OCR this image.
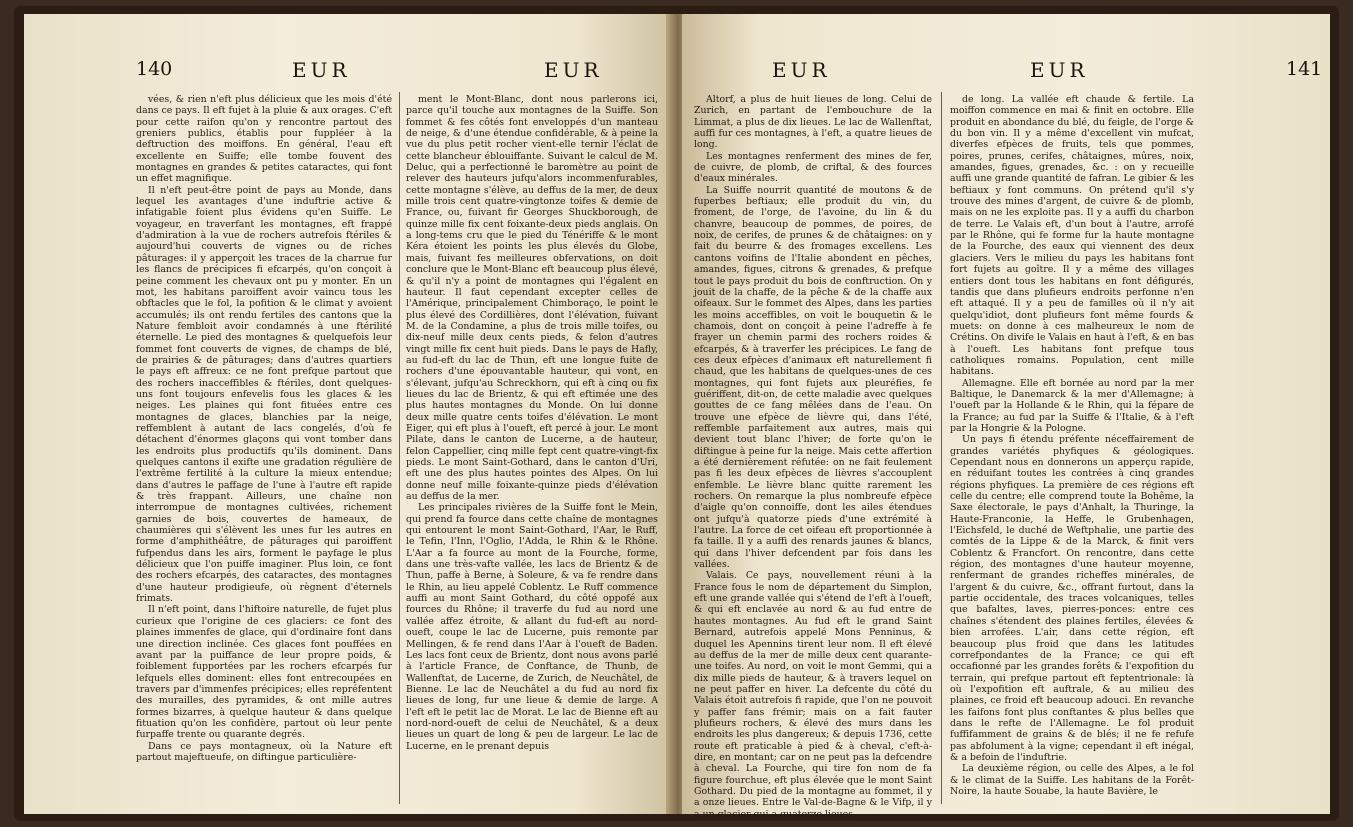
140	EUR	EUR

vées, & rien n'eft plus délicieux que les mois d'été dans ce pays. Il eft fujet à la pluie & aux orages. C'eft pour cette raifon qu'on y rencontre partout des greniers publics, établis pour fuppléer à la deftruction des moiffons. En général, l'eau eft excellente en Suiffe; elle tombe fouvent des montagnes en grandes & petites cataractes, qui font un effet magnifique.

Il n'eft peut-être point de pays au Monde, dans lequel les avantages d'une induftrie active & infatigable foient plus évidens qu'en Suiffe. Le voyageur, en traverfant les montagnes, eft frappé d'admiration à la vue de rochers autrefois ftériles & aujourd'hui couverts de vignes ou de riches pâturages: il y apperçoit les traces de la charrue fur les flancs de précipices fi efcarpés, qu'on conçoit à peine comment les chevaux ont pu y monter. En un mot, les habitans paroiffent avoir vaincu tous les obftacles que le fol, la pofition & le climat y avoient accumulés; ils ont rendu fertiles des cantons que la Nature fembloit avoir condamnés à une ftérilité éternelle. Le pied des montagnes & quelquefois leur fommet font couverts de vignes, de champs de blé, de prairies & de pâturages; dans d'autres quartiers le pays eft affreux: ce ne font prefque partout que des rochers inacceffibles & ftériles, dont quelques-uns font toujours enfevelis fous les glaces & les neiges. Les plaines qui font fituées entre ces montagnes de glaces, blanchies par la neige, reffemblent à autant de lacs congelés, d'où fe détachent d'énormes glaçons qui vont tomber dans les endroits plus productifs qu'ils dominent. Dans quelques cantons il exifte une gradation régulière de l'extrême fertilité à la culture la mieux entendue; dans d'autres le paffage de l'une à l'autre eft rapide & très frappant. Ailleurs, une chaîne non interrompue de montagnes cultivées, richement garnies de bois, couvertes de hameaux, de chaumières qui s'élèvent les unes fur les autres en forme d'amphithéâtre, de pâturages qui paroiffent fufpendus dans les airs, forment le payfage le plus délicieux que l'on puiffe imaginer. Plus loin, ce font des rochers efcarpés, des cataractes, des montagnes d'une hauteur prodigieufe, où règnent d'éternels frimats.

Il n'eft point, dans l'hiftoire naturelle, de fujet plus curieux que l'origine de ces glaciers: ce font des plaines immenfes de glace, qui d'ordinaire font dans une direction inclinée. Ces glaces font pouffées en avant par la puiffance de leur propre poids, & foiblement fupportées par les rochers efcarpés fur lefquels elles dominent: elles font entrecoupées en travers par d'immenfes précipices; elles repréfentent des murailles, des pyramides, & ont mille autres formes bizarres, à quelque hauteur & dans quelque fituation qu'on les confidère, partout où leur pente furpaffe trente ou quarante degrés.

Dans ce pays montagneux, où la Nature eft partout majeftueufe, on diftingue particulière-

ment le Mont-Blanc, dont nous parlerons ici, parce qu'il touche aux montagnes de la Suiffe. Son fommet & fes côtés font enveloppés d'un manteau de neige, & d'une étendue confidérable, & à peine la vue du plus petit rocher vient-elle ternir l'éclat de cette blancheur éblouiffante. Suivant le calcul de M. Deluc, qui a perfectionné le baromètre au point de relever des hauteurs jufqu'alors incommenfurables, cette montagne s'élève, au deffus de la mer, de deux mille trois cent quatre-vingtonze toifes & demie de France, ou, fuivant fir Georges Shuckborough, de quinze mille fix cent foixante-deux pieds anglais. On a long-tems cru que le pied du Ténériffe & le mont Kéra étoient les points les plus élevés du Globe, mais, fuivant fes meilleures obfervations, on doit conclure que le Mont-Blanc eft beaucoup plus élevé, & qu'il n'y a point de montagnes qui l'égalent en hauteur. Il faut cependant excepter celles de l'Amérique, principalement Chimboraço, le point le plus élevé des Cordillières, dont l'élévation, fuivant M. de la Condamine, a plus de trois mille toifes, ou dix-neuf mille deux cents pieds, & felon d'autres vingt mille fix cent huit pieds. Dans le pays de Hafly, au fud-eft du lac de Thun, eft une longue fuite de rochers d'une épouvantable hauteur, qui vont, en s'élevant, jufqu'au Schreckhorn, qui eft à cinq ou fix lieues du lac de Brientz, & qui eft eftimée une des plus hautes montagnes du Monde. On lui donne deux mille quatre cents toifes d'élévation. Le mont Eiger, qui eft plus à l'oueft, eft percé à jour. Le mont Pilate, dans le canton de Lucerne, a de hauteur, felon Cappellier, cinq mille fept cent quatre-vingt-fix pieds. Le mont Saint-Gothard, dans le canton d'Uri, eft une des plus hautes pointes des Alpes. On lui donne neuf mille foixante-quinze pieds d'élévation au deffus de la mer.

Les principales rivières de la Suiffe font le Mein, qui prend fa fource dans cette chaîne de montagnes qui entourent le mont Saint-Gothard, l'Aar, le Ruff, le Tefin, l'Inn, l'Oglio, l'Adda, le Rhin & le Rhône. L'Aar a fa fource au mont de la Fourche, forme, dans une très-vafte vallée, les lacs de Brientz & de Thun, paffe à Berne, à Soleure, & va fe rendre dans le Rhin, au lieu appelé Coblentz. Le Ruff commence auffi au mont Saint Gothard, du côté oppofé aux fources du Rhône; il traverfe du fud au nord une vallée affez étroite, & allant du fud-eft au nord-oueft, coupe le lac de Lucerne, puis remonte par Mellingen, & fe rend dans l'Aar à l'oueft de Baden. Les lacs font ceux de Brientz, dont nous avons parlé à l'article France, de Conftance, de Thunb, de Wallenftat, de Lucerne, de Zurich, de Neuchâtel, de Bienne. Le lac de Neuchâtel a du fud au nord fix lieues de long, fur une lieue & demie de large. A l'eft eft le petit lac de Morat. Le lac de Bienne eft au nord-nord-oueft de celui de Neuchâtel, & a deux lieues un quart de long & peu de largeur. Le lac de Lucerne, en le prenant depuis

EUR	EUR	141

Altorf, a plus de huit lieues de long. Celui de Zurich, en partant de l'embouchure de la Limmat, a plus de dix lieues. Le lac de Wallenftat, auffi fur ces montagnes, à l'eft, a quatre lieues de long.

Les montagnes renferment des mines de fer, de cuivre, de plomb, de criftal, & des fources d'eaux minérales.

La Suiffe nourrit quantité de moutons & de fuperbes beftiaux; elle produit du vin, du froment, de l'orge, de l'avoine, du lin & du chanvre, beaucoup de pommes, de poires, de noix, de cerifes, de prunes & de châtaignes: on y fait du beurre & des fromages excellens. Les cantons voifins de l'Italie abondent en pêches, amandes, figues, citrons & grenades, & prefque tout le pays produit du bois de conftruction. On y jouit de la chaffe, de la pêche & de la chaffe aux oifeaux. Sur le fommet des Alpes, dans les parties les moins acceffibles, on voit le bouquetin & le chamois, dont on conçoit à peine l'adreffe à fe frayer un chemin parmi des rochers roides & efcarpés, & à traverfer les précipices. Le fang de ces deux efpèces d'animaux eft naturellement fi chaud, que les habitans de quelques-unes de ces montagnes, qui font fujets aux pleuréfies, fe guériffent, dit-on, de cette maladie avec quelques gouttes de ce fang mêlées dans de l'eau. On trouve une efpèce de lièvre qui, dans l'été, reffemble parfaitement aux autres, mais qui devient tout blanc l'hiver; de forte qu'on le diftingue à peine fur la neige. Mais cette affertion a été dernièrement réfutée: on ne fait feulement pas fi les deux efpèces de lièvres s'accouplent enfemble. Le lièvre blanc quitte rarement les rochers. On remarque la plus nombreufe efpèce d'aigle qu'on connoiffe, dont les ailes étendues ont jufqu'à quatorze pieds d'une extrémité à l'autre. La force de cet oifeau eft proportionnée à fa taille. Il y a auffi des renards jaunes & blancs, qui dans l'hiver defcendent par fois dans les vallées.

Valais. Ce pays, nouvellement réuni à la France fous le nom de département du Simplon, eft une grande vallée qui s'étend de l'eft à l'oueft, & qui eft enclavée au nord & au fud entre de hautes montagnes. Au fud eft le grand Saint Bernard, autrefois appelé Mons Penninus, & duquel les Apennins tirent leur nom. Il eft élevé au deffus de la mer de mille deux cent quarante-une toifes. Au nord, on voit le mont Gemmi, qui a dix mille pieds de hauteur, & à travers lequel on ne peut paffer en hiver. La defcente du côté du Valais étoit autrefois fi rapide, que l'on ne pouvoit y paffer fans frémir; mais on a fait fauter plufieurs rochers, & élevé des murs dans les endroits les plus dangereux; & depuis 1736, cette route eft praticable à pied & à cheval, c'eft-à-dire, en montant; car on ne peut pas la defcendre à cheval. La Fourche, qui tire fon nom de fa figure fourchue, eft plus élevée que le mont Saint Gothard. Du pied de la montagne au fommet, il y a onze lieues. Entre le Val-de-Bagne & le Vifp, il y a un glacier qui a quatorze lieues

de long. La vallée eft chaude & fertile. La moiffon commence en mai & finit en octobre. Elle produit en abondance du blé, du feigle, de l'orge & du bon vin. Il y a même d'excellent vin mufcat, diverfes efpèces de fruits, tels que pommes, poires, prunes, cerifes, châtaignes, mûres, noix, amandes, figues, grenades, &c. : on y recueille auffi une grande quantité de fafran. Le gibier & les beftiaux y font communs. On prétend qu'il s'y trouve des mines d'argent, de cuivre & de plomb, mais on ne les exploite pas. Il y a auffi du charbon de terre. Le Valais eft, d'un bout à l'autre, arrofé par le Rhône, qui fe forme fur la haute montagne de la Fourche, des eaux qui viennent des deux glaciers. Vers le milieu du pays les habitans font fort fujets au goître. Il y a même des villages entiers dont tous les habitans en font défigurés, tandis que dans plufieurs endroits perfonne n'en eft attaqué. Il y a peu de familles où il n'y ait quelqu'idiot, dont plufieurs font même fourds & muets: on donne à ces malheureux le nom de Crétins. On divife le Valais en haut à l'eft, & en bas à l'oueft. Les habitans font prefque tous catholiques romains. Population, cent mille habitans.

Allemagne. Elle eft bornée au nord par la mer Baltique, le Danemarck & la mer d'Allemagne; à l'oueft par la Hollande & le Rhin, qui la fépare de la France; au fud par la Suiffe & l'Italie, & à l'eft par la Hongrie & la Pologne.

Un pays fi étendu préfente néceffairement de grandes variétés phyfiques & géologiques. Cependant nous en donnerons un apperçu rapide, en réduifant toutes les contrées à cinq grandes régions phyfiques. La première de ces régions eft celle du centre; elle comprend toute la Bohême, la Saxe électorale, le pays d'Anhalt, la Thuringe, la Haute-Franconie, la Heffe, le Grubenhagen, l'Eichsfeld, le duché de Weftphalie, une partie des comtés de la Lippe & de la Marck, & finit vers Coblentz & Francfort. On rencontre, dans cette région, des montagnes d'une hauteur moyenne, renfermant de grandes richeffes minérales, de l'argent & du cuivre, &c., offrant furtout, dans la partie occidentale, des traces volcaniques, telles que bafaltes, laves, pierres-ponces: entre ces chaînes s'étendent des plaines fertiles, élevées & bien arrofées. L'air, dans cette région, eft beaucoup plus froid que dans les latitudes correfpondantes de la France; ce qui eft occafionné par les grandes forêts & l'expofition du terrain, qui prefque partout eft feptentrionale: là où l'expofition eft auftrale, & au milieu des plaines, ce froid eft beaucoup adouci. En revanche les faifons font plus conftantes & plus belles que dans le refte de l'Allemagne. Le fol produit fuffifamment de grains & de blés; il ne fe refufe pas abfolument à la vigne; cependant il eft inégal, & a befoin de l'induftrie.

La deuxième région, ou celle des Alpes, a le fol & le climat de la Suiffe. Les habitans de la Forêt-Noire, la haute Souabe, la haute Bavière, le
